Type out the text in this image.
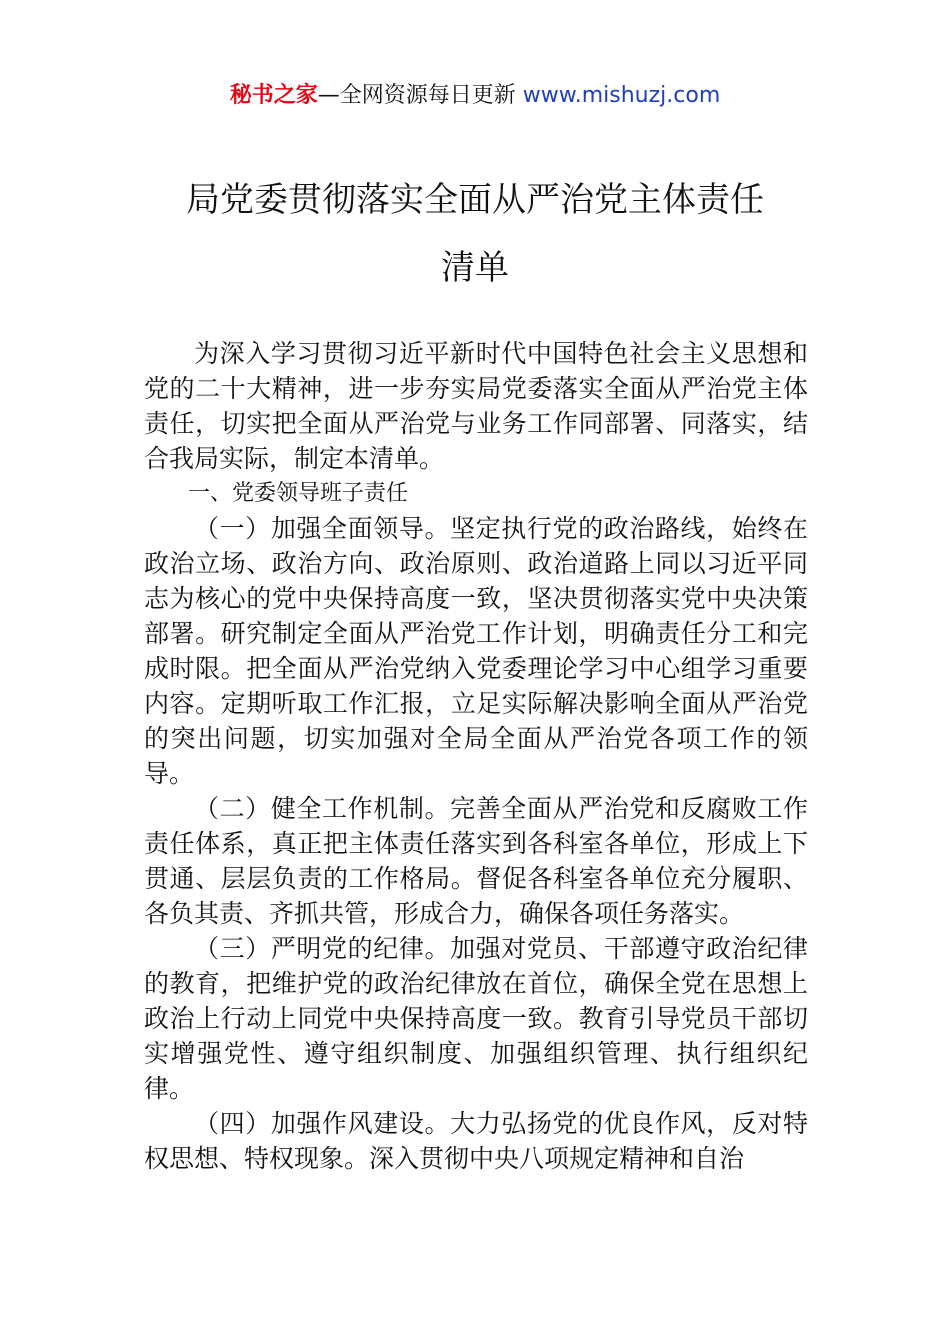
秘书之家—全网资源每日更新 www.mishuzj.com
局党委贯彻落实全面从严治党主体责任
清单

为深入学习贯彻习近平新时代中国特色社会主义思想和党的二十大精神，进一步夯实局党委落实全面从严治党主体责任，切实把全面从严治党与业务工作同部署、同落实，结合我局实际，制定本清单。

一、党委领导班子责任

（一）加强全面领导。坚定执行党的政治路线，始终在政治立场、政治方向、政治原则、政治道路上同以习近平同志为核心的党中央保持高度一致，坚决贯彻落实党中央决策部署。研究制定全面从严治党工作计划，明确责任分工和完成时限。把全面从严治党纳入党委理论学习中心组学习重要内容。定期听取工作汇报，立足实际解决影响全面从严治党的突出问题，切实加强对全局全面从严治党各项工作的领导。

（二）健全工作机制。完善全面从严治党和反腐败工作责任体系，真正把主体责任落实到各科室各单位，形成上下贯通、层层负责的工作格局。督促各科室各单位充分履职、各负其责、齐抓共管，形成合力，确保各项任务落实。

（三）严明党的纪律。加强对党员、干部遵守政治纪律的教育，把维护党的政治纪律放在首位，确保全党在思想上政治上行动上同党中央保持高度一致。教育引导党员干部切实增强党性、遵守组织制度、加强组织管理、执行组织纪律。

（四）加强作风建设。大力弘扬党的优良作风，反对特权思想、特权现象。深入贯彻中央八项规定精神和自治
